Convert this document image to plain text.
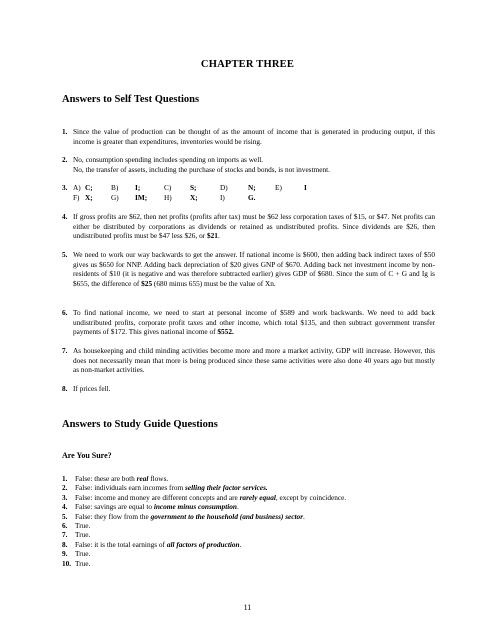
CHAPTER THREE
Answers to Self Test Questions
1. Since the value of production can be thought of as the amount of income that is generated in producing output, if this income is greater than expenditures, inventories would be rising.

2. No, consumption spending includes spending on imports as well.

No, the transfer of assets, including the purchase of stocks and bonds, is not investment.

3. A) C;	B) I;	C)	S;	D)	N;	E)	I
F) X;	G) IM; H)	X;	I)	G.
4. If gross profits are $62, then net profits (profits after tax) must be $62 less corporation taxes of $15, or $47. Net profits can either be distributed by corporations as dividends or retained as undistributed profits. Since dividends are $26, then undistributed profits must be $47 less $26, or $21.

5. We need to work our way backwards to get the answer. If national income is $600, then adding back indirect taxes of $50 gives us $650 for NNP. Adding back depreciation of $20 gives GNP of $670. Adding back net investment income by non-residents of $10 (it is negative and was therefore subtracted earlier) gives GDP of $680. Since the sum of C + G and Ig is $655, the difference of $25 (680 minus 655) must be the value of Xn.

6. To find national income, we need to start at personal income of $589 and work backwards. We need to add back undistributed profits, corporate profit taxes and other income, which total $135, and then subtract government transfer payments of $172. This gives national income of $552.

7. As housekeeping and child minding activities become more and more a market activity, GDP will increase. However, this does not necessarily mean that more is being produced since these same activities were also done 40 years ago but mostly as non-market activities.

8. If prices fell.

Answers to Study Guide Questions
Are You Sure?
1. False: these are both real flows.
2. False: individuals earn incomes from selling their factor services.
3. False: income and money are different concepts and are rarely equal, except by coincidence.
4. False: savings are equal to income minus consumption.
5. False: they flow from the government to the household (and business) sector.
6. True.
7. True.
8. False: it is the total earnings of all factors of production.
9. True.
10. True.
11
